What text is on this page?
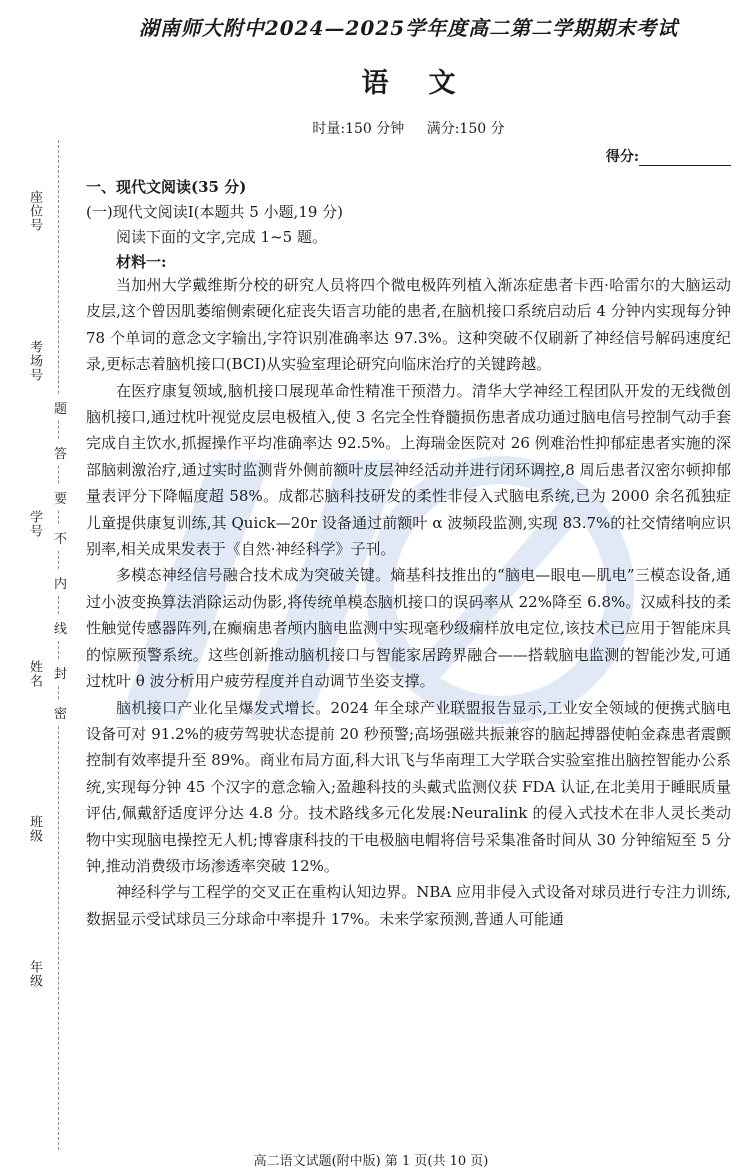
座位号
考场号
学号
姓名
班级
年级
题
答
要
不
内
线
封
密
湖南师大附中2024—2025学年度高二第二学期期末考试
语文
时量:150 分钟 满分:150 分
得分:
一、现代文阅读(35 分)
(一)现代文阅读Ⅰ(本题共 5 小题,19 分)
阅读下面的文字,完成 1~5 题。
材料一:

当加州大学戴维斯分校的研究人员将四个微电极阵列植入渐冻症患者卡西·哈雷尔的大脑运动皮层,这个曾因肌萎缩侧索硬化症丧失语言功能的患者,在脑机接口系统启动后 4 分钟内实现每分钟 78 个单词的意念文字输出,字符识别准确率达 97.3%。这种突破不仅刷新了神经信号解码速度纪录,更标志着脑机接口(BCI)从实验室理论研究向临床治疗的关键跨越。

在医疗康复领域,脑机接口展现革命性精准干预潜力。清华大学神经工程团队开发的无线微创脑机接口,通过枕叶视觉皮层电极植入,使 3 名完全性脊髓损伤患者成功通过脑电信号控制气动手套完成自主饮水,抓握操作平均准确率达 92.5%。上海瑞金医院对 26 例难治性抑郁症患者实施的深部脑刺激治疗,通过实时监测背外侧前额叶皮层神经活动并进行闭环调控,8 周后患者汉密尔顿抑郁量表评分下降幅度超 58%。成都芯脑科技研发的柔性非侵入式脑电系统,已为 2000 余名孤独症儿童提供康复训练,其 Quick—20r 设备通过前额叶 α 波频段监测,实现 83.7%的社交情绪响应识别率,相关成果发表于《自然·神经科学》子刊。

多模态神经信号融合技术成为突破关键。熵基科技推出的“脑电—眼电—肌电”三模态设备,通过小波变换算法消除运动伪影,将传统单模态脑机接口的误码率从 22%降至 6.8%。汉威科技的柔性触觉传感器阵列,在癫痫患者颅内脑电监测中实现毫秒级痫样放电定位,该技术已应用于智能床具的惊厥预警系统。这些创新推动脑机接口与智能家居跨界融合——搭载脑电监测的智能沙发,可通过枕叶 θ 波分析用户疲劳程度并自动调节坐姿支撑。

脑机接口产业化呈爆发式增长。2024 年全球产业联盟报告显示,工业安全领域的便携式脑电设备可对 91.2%的疲劳驾驶状态提前 20 秒预警;高场强磁共振兼容的脑起搏器使帕金森患者震颤控制有效率提升至 89%。商业布局方面,科大讯飞与华南理工大学联合实验室推出脑控智能办公系统,实现每分钟 45 个汉字的意念输入;盈趣科技的头戴式监测仪获 FDA 认证,在北美用于睡眠质量评估,佩戴舒适度评分达 4.8 分。技术路线多元化发展:Neuralink 的侵入式技术在非人灵长类动物中实现脑电操控无人机;博睿康科技的干电极脑电帽将信号采集准备时间从 30 分钟缩短至 5 分钟,推动消费级市场渗透率突破 12%。

神经科学与工程学的交叉正在重构认知边界。NBA 应用非侵入式设备对球员进行专注力训练,数据显示受试球员三分球命中率提升 17%。未来学家预测,普通人可能通

高二语文试题(附中版) 第 1 页(共 10 页)
